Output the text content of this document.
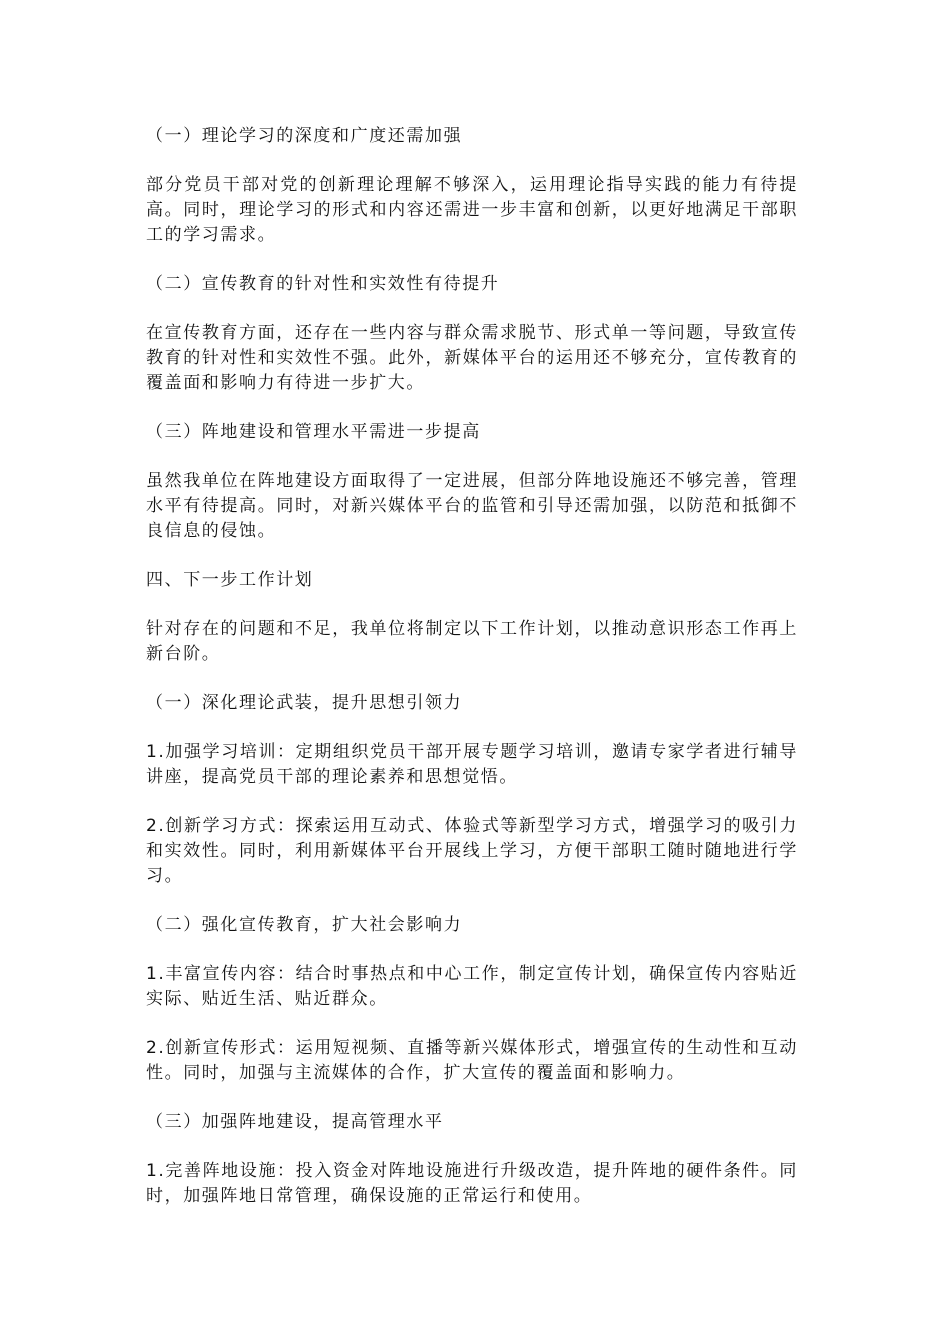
（一）理论学习的深度和广度还需加强

部分党员干部对党的创新理论理解不够深入，运用理论指导实践的能力有待提高。同时，理论学习的形式和内容还需进一步丰富和创新，以更好地满足干部职工的学习需求。

（二）宣传教育的针对性和实效性有待提升

在宣传教育方面，还存在一些内容与群众需求脱节、形式单一等问题，导致宣传教育的针对性和实效性不强。此外，新媒体平台的运用还不够充分，宣传教育的覆盖面和影响力有待进一步扩大。

（三）阵地建设和管理水平需进一步提高

虽然我单位在阵地建设方面取得了一定进展，但部分阵地设施还不够完善，管理水平有待提高。同时，对新兴媒体平台的监管和引导还需加强，以防范和抵御不良信息的侵蚀。

四、下一步工作计划

针对存在的问题和不足，我单位将制定以下工作计划，以推动意识形态工作再上新台阶。

（一）深化理论武装，提升思想引领力

1.加强学习培训：定期组织党员干部开展专题学习培训，邀请专家学者进行辅导讲座，提高党员干部的理论素养和思想觉悟。

2.创新学习方式：探索运用互动式、体验式等新型学习方式，增强学习的吸引力和实效性。同时，利用新媒体平台开展线上学习，方便干部职工随时随地进行学习。

（二）强化宣传教育，扩大社会影响力

1.丰富宣传内容：结合时事热点和中心工作，制定宣传计划，确保宣传内容贴近实际、贴近生活、贴近群众。

2.创新宣传形式：运用短视频、直播等新兴媒体形式，增强宣传的生动性和互动性。同时，加强与主流媒体的合作，扩大宣传的覆盖面和影响力。

（三）加强阵地建设，提高管理水平

1.完善阵地设施：投入资金对阵地设施进行升级改造，提升阵地的硬件条件。同时，加强阵地日常管理，确保设施的正常运行和使用。
